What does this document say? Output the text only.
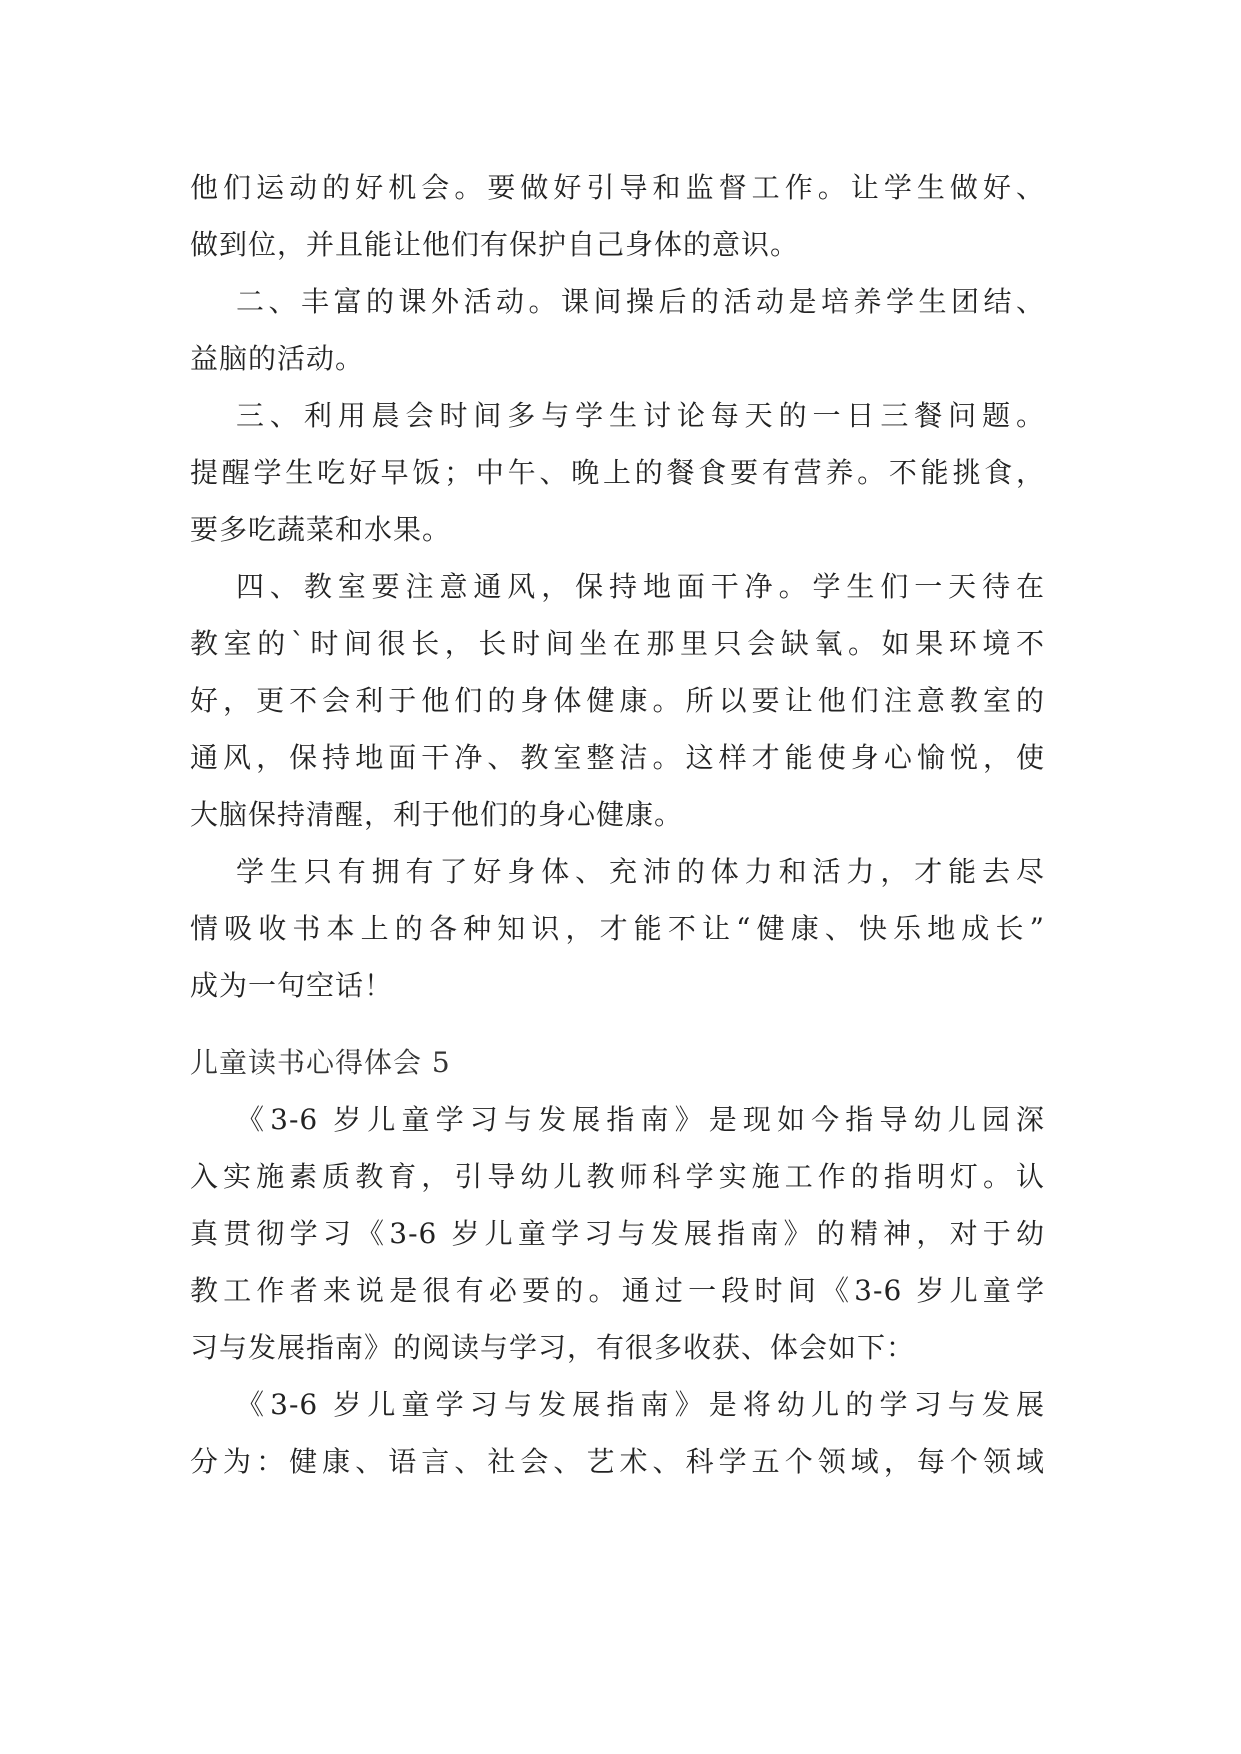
他们运动的好机会。要做好引导和监督工作。让学生做好、
做到位，并且能让他们有保护自己身体的意识。
二、丰富的课外活动。课间操后的活动是培养学生团结、
益脑的活动。
三、利用晨会时间多与学生讨论每天的一日三餐问题。
提醒学生吃好早饭；中午、晚上的餐食要有营养。不能挑食，
要多吃蔬菜和水果。
四、教室要注意通风，保持地面干净。学生们一天待在
教室的`时间很长，长时间坐在那里只会缺氧。如果环境不
好，更不会利于他们的身体健康。所以要让他们注意教室的
通风，保持地面干净、教室整洁。这样才能使身心愉悦，使
大脑保持清醒，利于他们的身心健康。
学生只有拥有了好身体、充沛的体力和活力，才能去尽
情吸收书本上的各种知识，才能不让“健康、快乐地成长”
成为一句空话！
儿童读书心得体会 5
《3-6 岁儿童学习与发展指南》是现如今指导幼儿园深
入实施素质教育，引导幼儿教师科学实施工作的指明灯。认
真贯彻学习《3-6 岁儿童学习与发展指南》的精神，对于幼
教工作者来说是很有必要的。通过一段时间《3-6 岁儿童学
习与发展指南》的阅读与学习，有很多收获、体会如下：
《3-6 岁儿童学习与发展指南》是将幼儿的学习与发展
分为：健康、语言、社会、艺术、科学五个领域，每个领域
